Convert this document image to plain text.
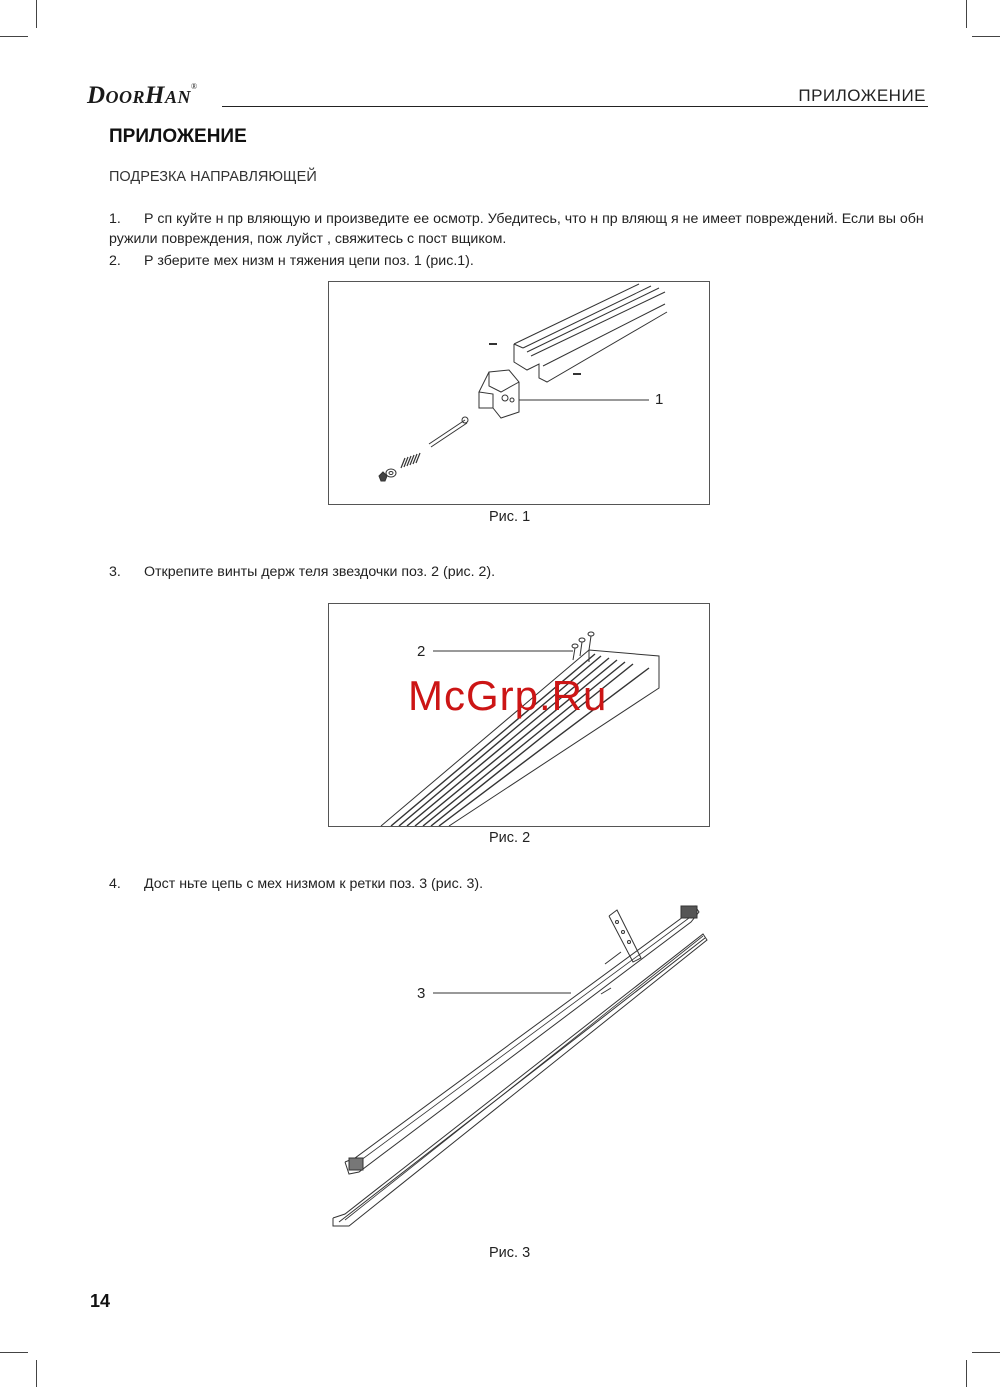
DoorHan®	ПРИЛОЖЕНИЕ
ПРИЛОЖЕНИЕ
ПОДРЕЗКА НАПРАВЛЯЮЩЕЙ
1. Р сп куйте н пр вляющую и произведите ее осмотр. Убедитесь, что н пр вляющ я не имеет повреждений. Если вы обн ружили повреждения, пож луйст , свяжитесь с пост вщиком.
2. Р зберите мех низм н тяжения цепи поз. 1 (рис.1).
1
Рис. 1
3. Открепите винты держ теля звездочки поз. 2 (рис. 2).
2
McGrp.Ru
Рис. 2
4. Дост ньте цепь с мех низмом к ретки поз. 3 (рис. 3).
3
Рис. 3
14
